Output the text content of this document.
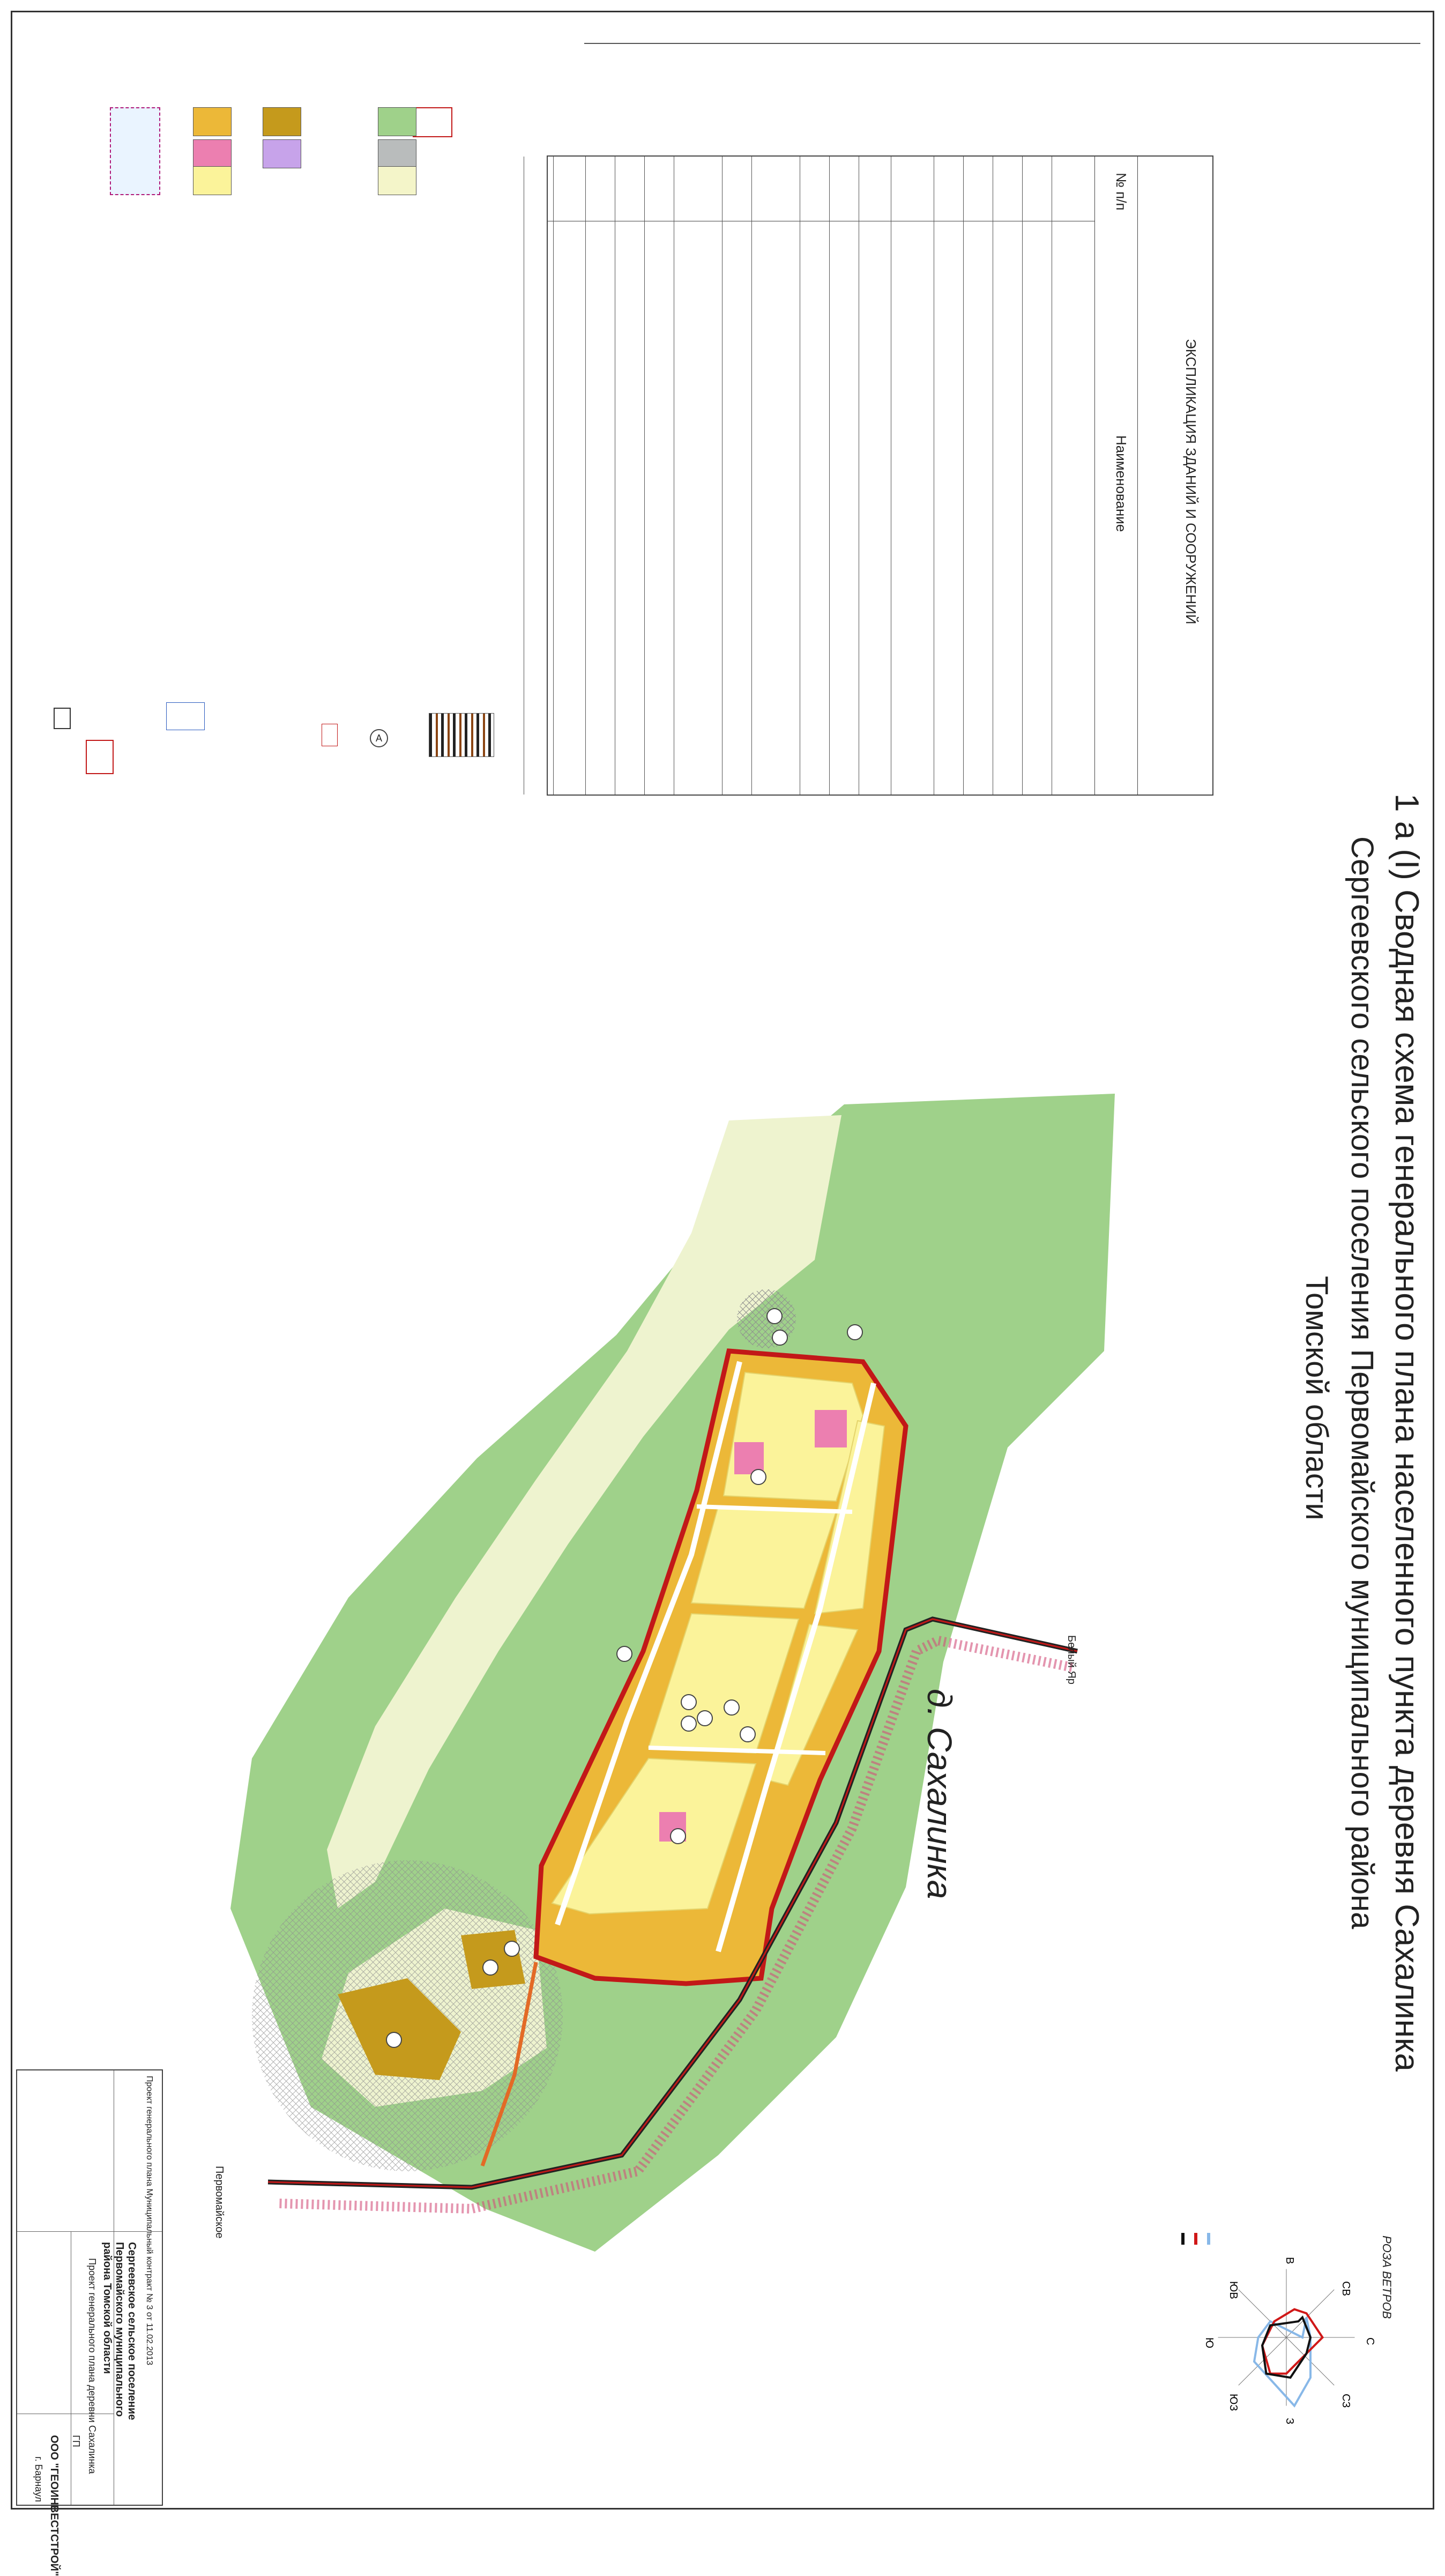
1 а (I) Сводная схема генерального плана населенного пункта деревня Сахалинка
Сергеевского сельского поселения Первомайского муниципального района
Томской области
ЭКСПЛИКАЦИЯ ЗДАНИЙ И СООРУЖЕНИЙ
№ п/п
Наименование
A
д. Сахалинка
Белый Яр
Первомайское
РОЗА ВЕТРОВ
С
СВ
В
ЮВ
Ю
ЮЗ
З
СЗ
Проект генерального плана Муниципальный контракт № 3 от 11.02.2013
Сергеевское сельское поселение Первомайского муниципального района Томской области
Проект генерального плана деревни Сахалинка
ООО "ГЕОИНВЕСТСТРОЙ"
г. Барнаул
ГП
